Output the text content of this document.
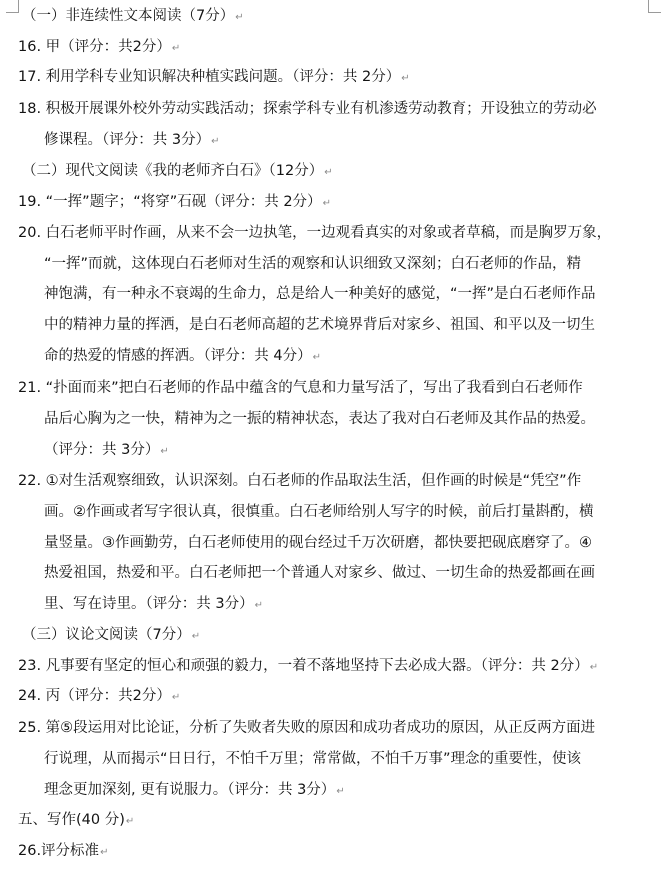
（一）非连续性文本阅读（7分）↵
16. 甲（评分：共2分）↵
17. 利用学科专业知识解决种植实践问题。（评分：共 2分）↵
18. 积极开展课外校外劳动实践活动；探索学科专业有机渗透劳动教育；开设独立的劳动必
修课程。（评分：共 3分）↵
（二）现代文阅读《我的老师齐白石》（12分）↵
19. “一挥”题字；“将穿”石砚（评分：共 2分）↵
20. 白石老师平时作画，从来不会一边执笔，一边观看真实的对象或者草稿，而是胸罗万象，
“一挥”而就，这体现白石老师对生活的观察和认识细致又深刻；白石老师的作品，精
神饱满，有一种永不衰竭的生命力，总是给人一种美好的感觉，“一挥”是白石老师作品
中的精神力量的挥洒，是白石老师高超的艺术境界背后对家乡、祖国、和平以及一切生
命的热爱的情感的挥洒。（评分：共 4分）↵
21. “扑面而来”把白石老师的作品中蕴含的气息和力量写活了，写出了我看到白石老师作
品后心胸为之一快，精神为之一振的精神状态，表达了我对白石老师及其作品的热爱。
（评分：共 3分）↵
22. ①对生活观察细致，认识深刻。白石老师的作品取法生活，但作画的时候是“凭空”作
画。②作画或者写字很认真，很慎重。白石老师给别人写字的时候，前后打量斟酌，横
量竖量。③作画勤劳，白石老师使用的砚台经过千万次研磨，都快要把砚底磨穿了。④
热爱祖国，热爱和平。白石老师把一个普通人对家乡、做过、一切生命的热爱都画在画
里、写在诗里。（评分：共 3分）↵
（三）议论文阅读（7分）↵
23. 凡事要有坚定的恒心和顽强的毅力，一着不落地坚持下去必成大器。（评分：共 2分）↵
24. 丙（评分：共2分）↵
25. 第⑤段运用对比论证，分析了失败者失败的原因和成功者成功的原因，从正反两方面进
行说理，从而揭示“日日行，不怕千万里；常常做，不怕千万事”理念的重要性，使该
理念更加深刻, 更有说服力。（评分：共 3分）↵
五、写作(40 分)↵
26.评分标准↵
